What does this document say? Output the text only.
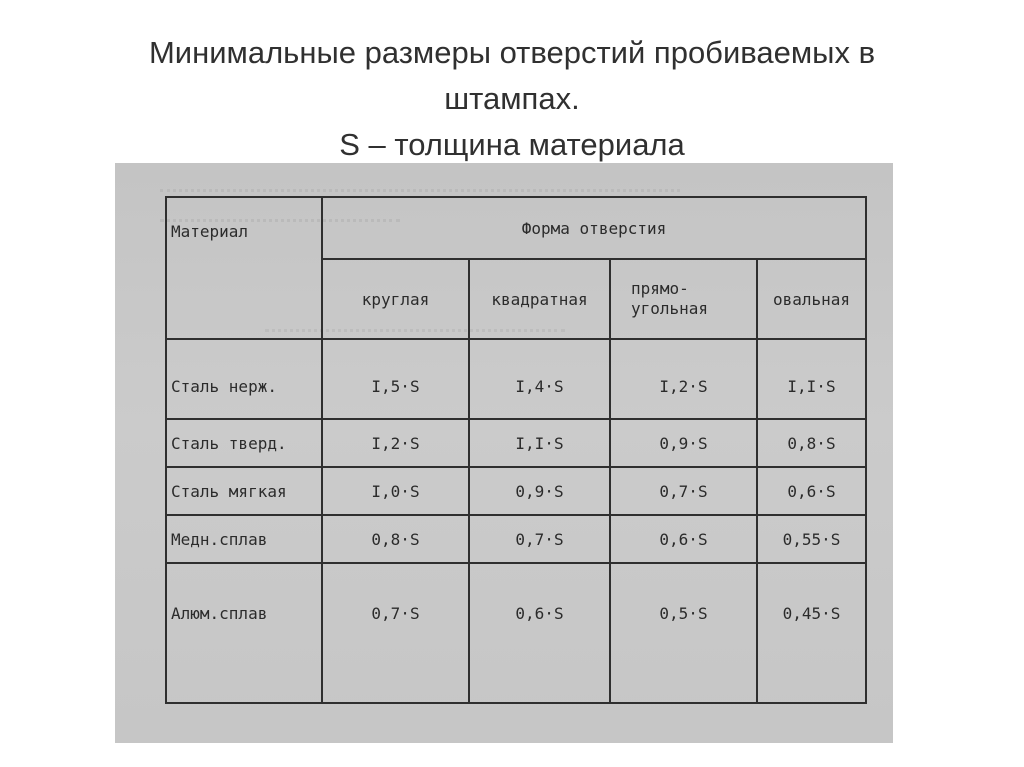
Минимальные размеры отверстий пробиваемых в
штампах.
S – толщина материала
Материал	Форма отверстия			
	круглая	квадратная	прямо-
угольная	овальная
Сталь нерж.	I,5·S	I,4·S	I,2·S	I,I·S
Сталь тверд.	I,2·S	I,I·S	0,9·S	0,8·S
Сталь мягкая	I,0·S	0,9·S	0,7·S	0,6·S
Медн.сплав	0,8·S	0,7·S	0,6·S	0,55·S
Алюм.сплав	0,7·S	0,6·S	0,5·S	0,45·S
